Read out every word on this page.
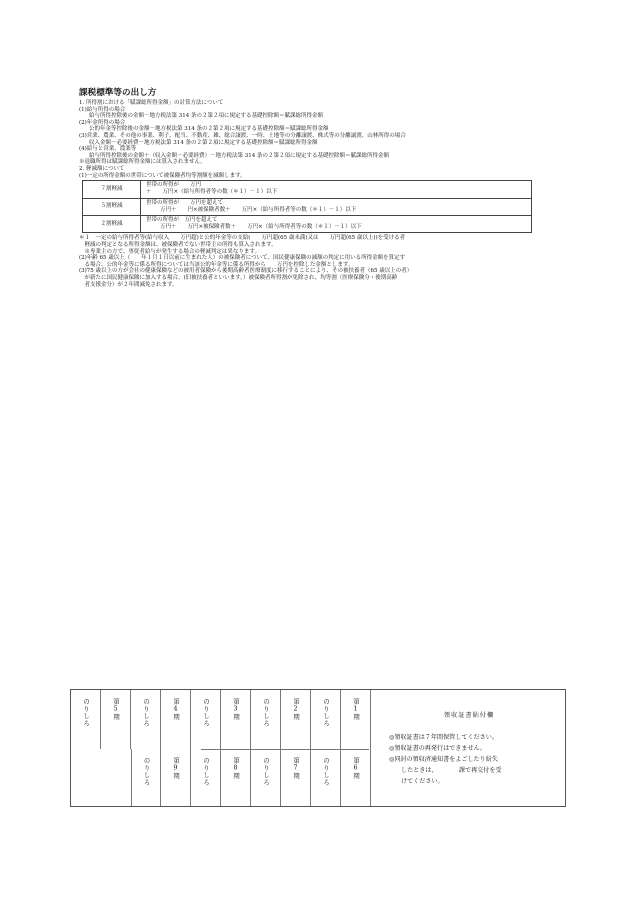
課税標準等の出し方
1. 所得割における「賦課総所得金額」の計算方法について
(1)給与所得の場合
給与所得控除後の金額－地方税法第 314 条の２第２項に規定する基礎控除額＝賦課総所得金額
(2)年金所得の場合
公的年金等控除後の金額－地方税法第 314 条の２第２項に規定する基礎控除額＝賦課総所得金額
(3)営業、農業、その他の事業、利子、配当、不動産、雑、総合譲渡、一時、土地等の分離譲渡、株式等の分離譲渡、山林所得の場合
収入金額－必要経費－地方税法第 314 条の２第２項に規定する基礎控除額＝賦課総所得金額
(4)給与と営業、農業等
給与所得控除後の金額＋（収入金額－必要経費）－地方税法第 314 条の２第２項に規定する基礎控除額＝賦課総所得金額
※退職所得は賦課総所得金額には算入されません。
2. 軽減額について
(1)一定の所得金額の世帯について被保険者均等割額を減額します。
７割軽減	世帯の所得が　　万円
＋　　万円×（給与所得者等の数（＊１）－１）以下

５割軽減	世帯の所得が　　万円を超えて
万円＋　　円×被保険者数＋　　万円×（給与所得者等の数（＊１）－１）以下

２割軽減	世帯の所得が　万円を超えて
万円＋　　万円×被保険者数＋　　万円×（給与所得者等の数（＊１）－１）以下
＊１　一定の給与所得者等(給与収入　　万円超)と公的年金等の支給(　　万円超(65 歳未満)又は　　万円超(65 歳以上))を受ける者
　軽減の判定となる所得金額は、被保険者でない世帯主の所得も算入されます。
　※専業主の方で、専従者給与が発生する場合の軽減判定は異なります。
(2)年齢 65 歳以上（　　年１月１日以前に生まれた人）の被保険者について、国民健康保険の減額の判定に用いる所得金額を算定す
　る場合、公的年金等に係る所得については当該公的年金等に係る所得から　　万円を控除した金額とします。
(3)75 歳以上の方が会社の健康保険などの被用者保険から後期高齢者医療制度に移行することにより、その被扶養者（65 歳以上の者）
　が新たに国民健康保険に加入する場合、(旧被扶養者といいます。）被保険者所得割が免除され、均等割（医療保険分・後期高齢
　者支援金分）が２年間減免されます。
のりしろ	第5期	のりしろ	第4期	のりしろ	第3期	のりしろ	第2期	のりしろ	第1期
のりしろ	第9期	のりしろ	第8期	のりしろ	第7期	のりしろ	第6期
領収証書貼付欄
◎領収証書は７年間保管してください。
◎領収証書の再発行はできません。
◎同封の領収済通知書をよごしたり紛失
したときは、　　　　課で再交付を受
けてください。
